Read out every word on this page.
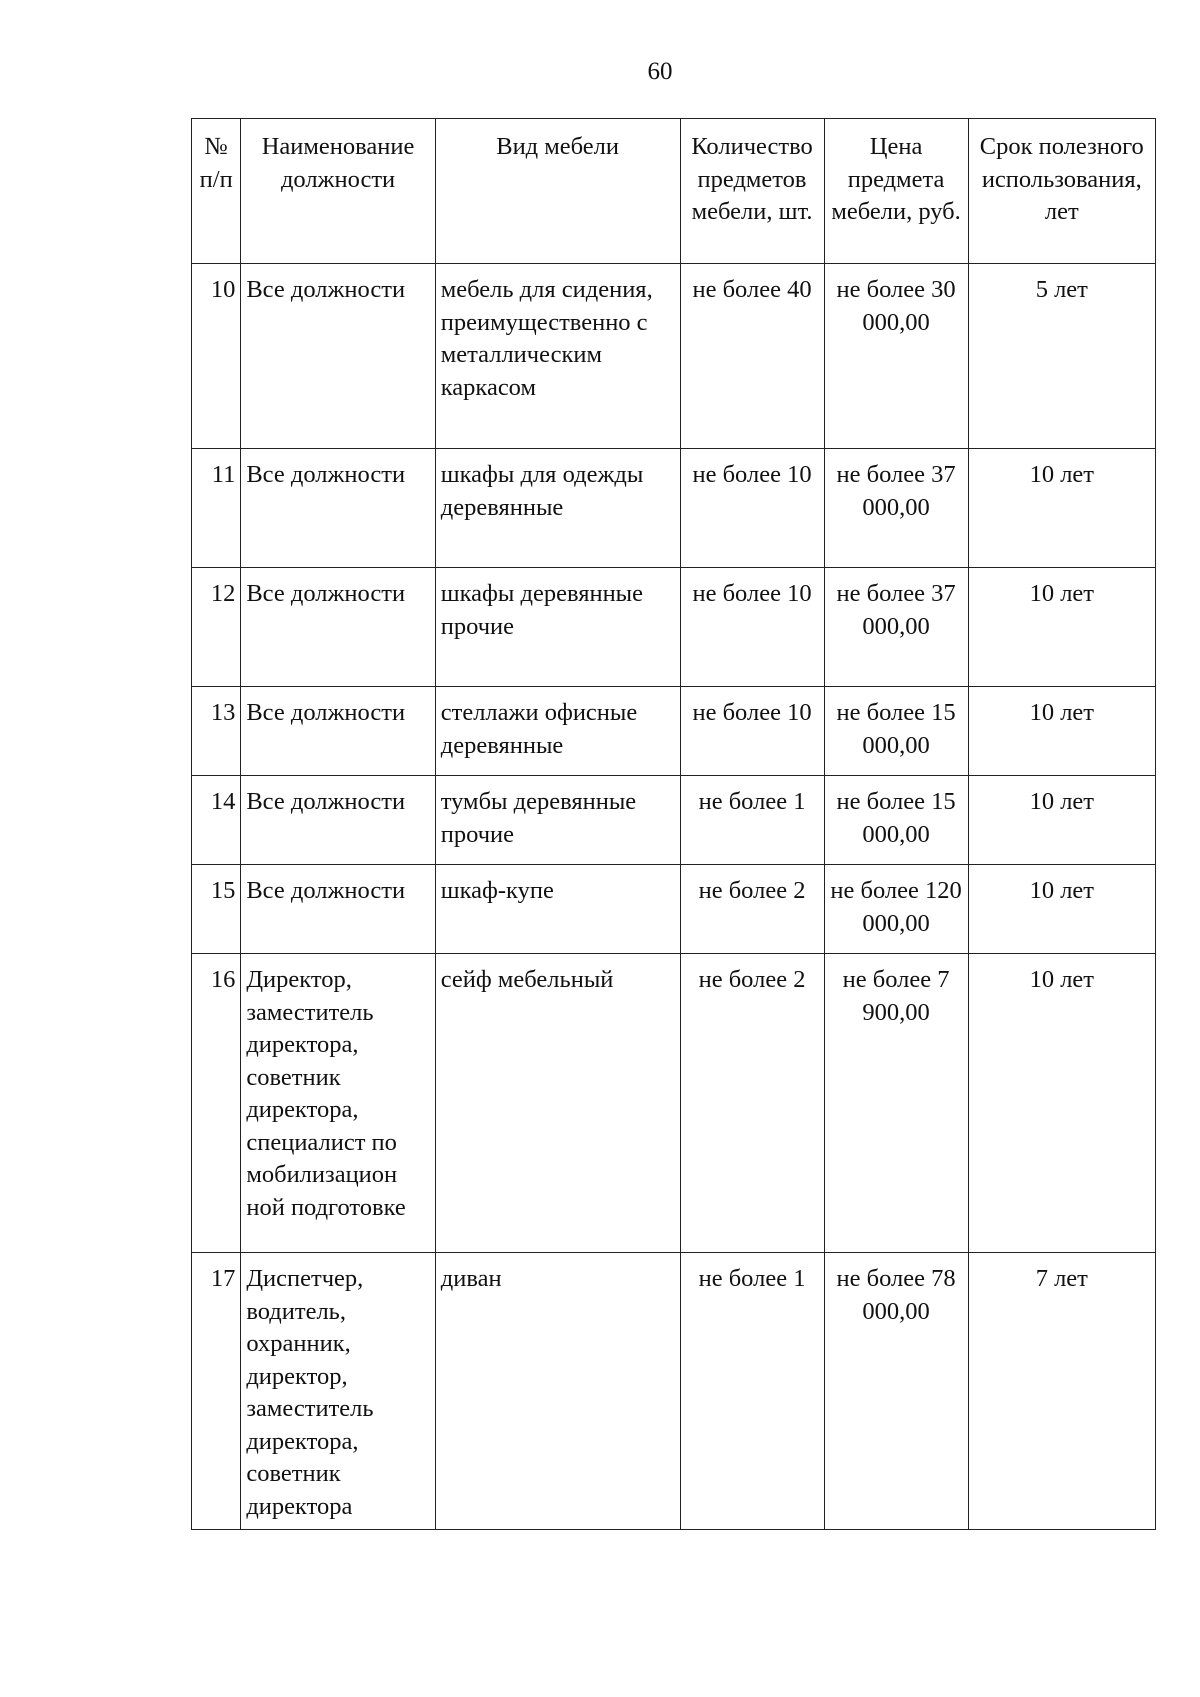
60
№ п/п	Наименование должности	Вид мебели	Количество предметов мебели, шт.	Цена предмета мебели, руб.	Срок полезного использования, лет
10	Все должности	мебель для сидения, преимущественно с металлическим каркасом	не более 40	не более 30 000,00	5 лет
11	Все должности	шкафы для одежды деревянные	не более 10	не более 37 000,00	10 лет
12	Все должности	шкафы деревянные прочие	не более 10	не более 37 000,00	10 лет
13	Все должности	стеллажи офисные деревянные	не более 10	не более 15 000,00	10 лет
14	Все должности	тумбы деревянные прочие	не более 1	не более 15 000,00	10 лет
15	Все должности	шкаф-купе	не более 2	не более 120 000,00	10 лет
16	Директор, заместитель директора, советник директора, специалист по мобилизацион ной подготовке	сейф мебельный	не более 2	не более 7 900,00	10 лет
17	Диспетчер, водитель, охранник, директор, заместитель директора, советник директора	диван	не более 1	не более 78 000,00	7 лет
